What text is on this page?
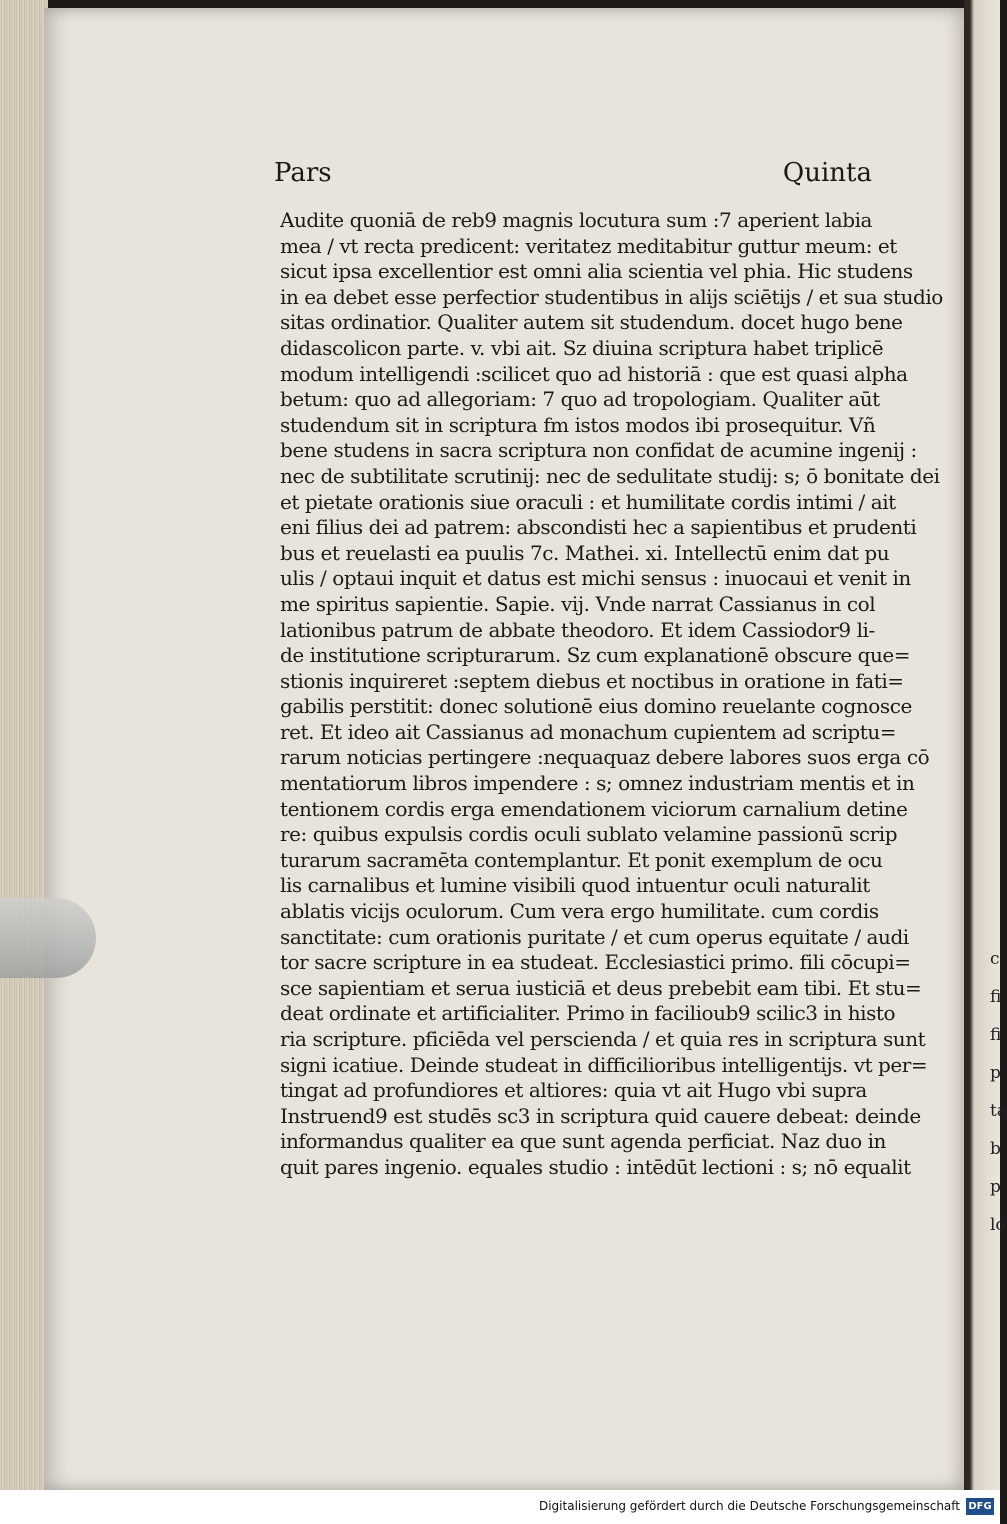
c
fi
fi
p
ta
b
p
lo
Pars	Quinta
Audite quoniā de reb9 magnis locutura sum :7 aperient labia
mea / vt recta predicent: veritatez meditabitur guttur meum: et
sicut ipsa excellentior est omni alia scientia vel phia. Hic studens
in ea debet esse perfectior studentibus in alijs sciētijs / et sua studio
sitas ordinatior. Qualiter autem sit studendum. docet hugo bene
didascolicon parte. v. vbi ait. Sz diuina scriptura habet triplicē
modum intelligendi :scilicet quo ad historiā : que est quasi alpha
betum: quo ad allegoriam: 7 quo ad tropologiam. Qualiter aūt
studendum sit in scriptura fm istos modos ibi prosequitur. Vñ
bene studens in sacra scriptura non confidat de acumine ingenij :
nec de subtilitate scrutinij: nec de sedulitate studij: s; ō bonitate dei
et pietate orationis siue oraculi : et humilitate cordis intimi / ait
eni filius dei ad patrem: abscondisti hec a sapientibus et prudenti
bus et reuelasti ea puulis 7c. Mathei. xi. Intellectū enim dat pu
ulis / optaui inquit et datus est michi sensus : inuocaui et venit in
me spiritus sapientie. Sapie. vij. Vnde narrat Cassianus in col
lationibus patrum de abbate theodoro. Et idem Cassiodor9 li-
de institutione scripturarum. Sz cum explanationē obscure que=
stionis inquireret :septem diebus et noctibus in oratione in fati=
gabilis perstitit: donec solutionē eius domino reuelante cognosce
ret. Et ideo ait Cassianus ad monachum cupientem ad scriptu=
rarum noticias pertingere :nequaquaz debere labores suos erga cō
mentatiorum libros impendere : s; omnez industriam mentis et in
tentionem cordis erga emendationem viciorum carnalium detine
re: quibus expulsis cordis oculi sublato velamine passionū scrip
turarum sacramēta contemplantur. Et ponit exemplum de ocu
lis carnalibus et lumine visibili quod intuentur oculi naturalit
ablatis vicijs oculorum. Cum vera ergo humilitate. cum cordis
sanctitate: cum orationis puritate / et cum operus equitate / audi
tor sacre scripture in ea studeat. Ecclesiastici primo. fili cōcupi=
sce sapientiam et serua iusticiā et deus prebebit eam tibi. Et stu=
deat ordinate et artificialiter. Primo in facilioub9 scilic3 in histo
ria scripture. pficiēda vel perscienda / et quia res in scriptura sunt
signi icatiue. Deinde studeat in difficilioribus intelligentijs. vt per=
tingat ad profundiores et altiores: quia vt ait Hugo vbi supra
Instruend9 est studēs sc3 in scriptura quid cauere debeat: deinde
informandus qualiter ea que sunt agenda perficiat. Naz duo in
quit pares ingenio. equales studio : intēdūt lectioni : s; nō equalit
Digitalisierung gefördert durch die Deutsche Forschungsgemeinschaft DFG
